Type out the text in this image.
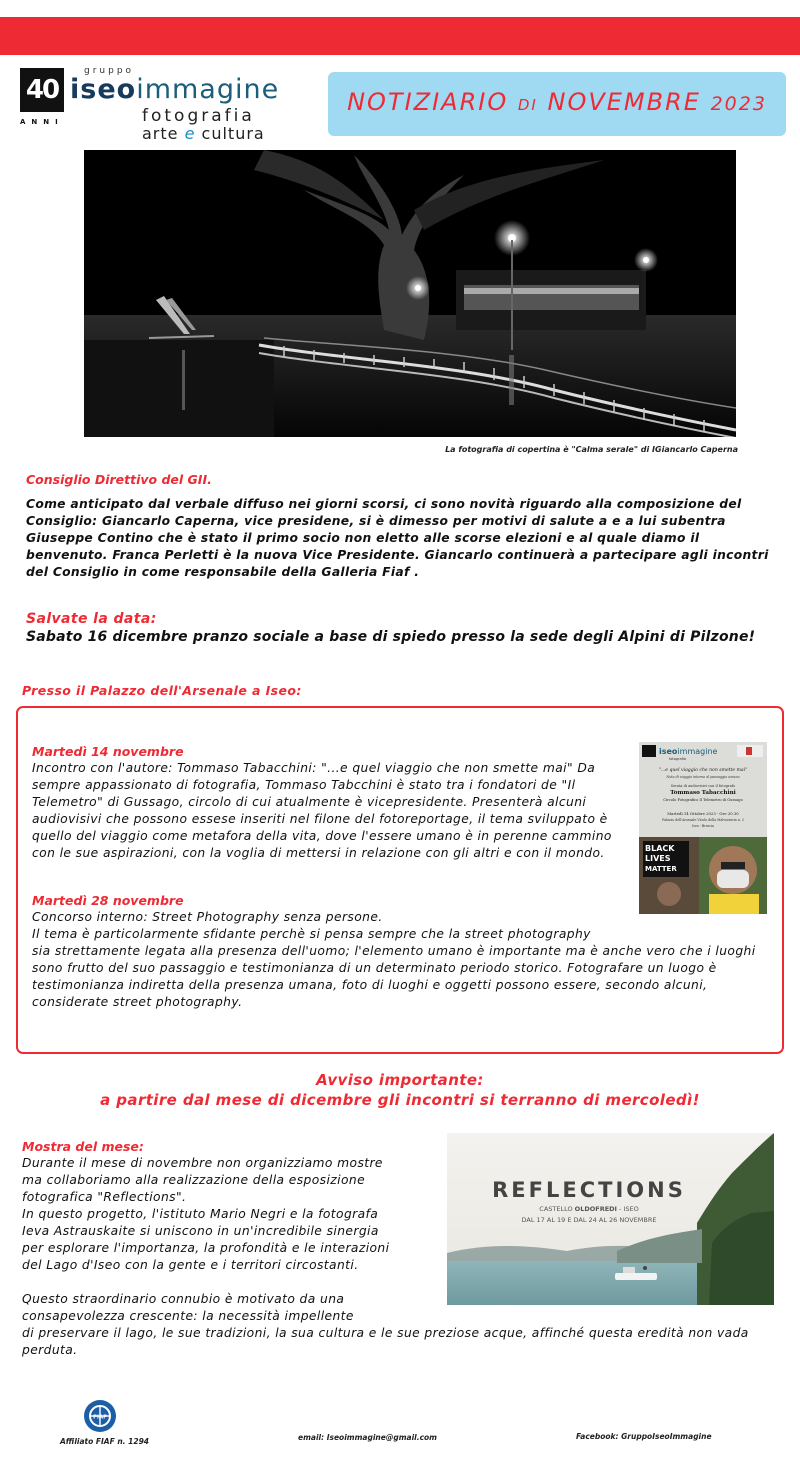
40
ANNI
gruppo
iseoimmagine
fotografia
arte e cultura
NOTIZIARIO DI NOVEMBRE 2023
La fotografia di copertina è "Calma serale" di IGiancarlo Caperna
Consiglio Direttivo del GII.
Come anticipato dal verbale diffuso nei giorni scorsi, ci sono novità riguardo alla composizione del Consiglio: Giancarlo Caperna, vice presidene, si è dimesso per motivi di salute a e a lui subentra Giuseppe Contino che è stato il primo socio non eletto alle scorse elezioni e al quale diamo il benvenuto. Franca Perletti è la nuova Vice Presidente. Giancarlo continuerà a partecipare agli incontri del Consiglio in come responsabile della Galleria Fiaf .
Salvate la data:
Sabato 16 dicembre pranzo sociale a base di spiedo presso la sede degli Alpini di Pilzone!
Presso il Palazzo dell'Arsenale a Iseo:
Martedì 14 novembre
Incontro con l'autore: Tommaso Tabacchini: "...e quel viaggio che non smette mai" Da sempre appassionato di fotografia, Tommaso Tabcchini è stato tra i fondatori de "Il Telemetro" di Gussago, circolo di cui atualmente è vicepresidente. Presenterà alcuni audiovisivi che possono essese inseriti nel filone del fotoreportage, il tema sviluppato è quello del viaggio come metafora della vita, dove l'essere umano è in perenne cammino con le sue aspirazioni, con la voglia di mettersi in relazione con gli altri e con il mondo.
iseoimmagine
fotografia
"...e quel viaggio che non smette mai"
Note di viaggio intorno al paesaggio umano
Serata di audiovisivi con il fotografo
Tommaso Tabacchini
Circolo Fotografico Il Telemetro di Gussago
Martedì 14 Ottobre 2023 - Ore 20.30
Palazzo dell'Arsenale Vicolo della Malvezzeria n. 3
Iseo - Brescia
BLACK
LIVES
MATTER
Martedì 28 novembre
Concorso interno: Street Photography senza persone.
Il tema è particolarmente sfidante perchè si pensa sempre che la street photography
sia strettamente legata alla presenza dell'uomo; l'elemento umano è importante ma è anche vero che i luoghi sono frutto del suo passaggio e testimonianza di un determinato periodo storico. Fotografare un luogo è testimonianza indiretta della presenza umana, foto di luoghi e oggetti possono essere, secondo alcuni, considerate street photography.
Avviso importante:
a partire dal mese di dicembre gli incontri si terranno di mercoledì!
Mostra del mese:
Durante il mese di novembre non organizziamo mostre
ma collaboriamo alla realizzazione della esposizione
fotografica "Reflections".
In questo progetto, l'istituto Mario Negri e la fotografa
Ieva Astrauskaite si uniscono in un'incredibile sinergia
per esplorare l'importanza, la profondità e le interazioni
del Lago d'Iseo con la gente e i territori circostanti.
Questo straordinario connubio è motivato da una
consapevolezza crescente: la necessità impellente
di preservare il lago, le sue tradizioni, la sua cultura e le sue preziose acque, affinché questa eredità non vada perduta.
REFLECTIONS
CASTELLO OLDOFREDI - ISEO
DAL 17 AL 19 E DAL 24 AL 26 NOVEMBRE
FIAF
Affiliato FIAF n. 1294	email: Iseoimmagine@gmail.com	Facebook: GruppoIseoImmagine
